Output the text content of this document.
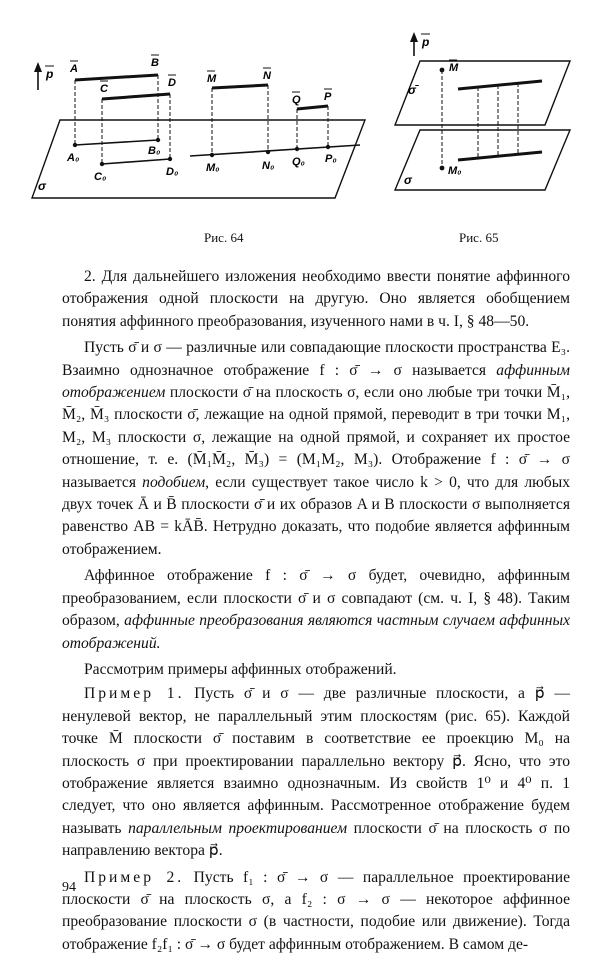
p A	B
A₀
B₀
C	D
C₀	D₀
M	N
M₀	N₀
Q P
Q₀ P₀
σ
Рис. 64
p
M
M₀
σ̄
σ
Рис. 65

2. Для дальнейшего изложения необходимо ввести понятие аффинного отображения одной плоскости на другую. Оно является обобщением понятия аффинного преобразования, изученного нами в ч. I, § 48—50.

Пусть σ̄ и σ — различные или совпадающие плоскости пространства E₃. Взаимно однозначное отображение f : σ̄ → σ называется аффинным отображением плоскости σ̄ на плоскость σ, если оно любые три точки M̄₁, M̄₂, M̄₃ плоскости σ̄, лежащие на одной прямой, переводит в три точки M₁, M₂, M₃ плоскости σ, лежащие на одной прямой, и сохраняет их простое отношение, т. е. (M̄₁M̄₂, M̄₃) = (M₁M₂, M₃). Отображение f : σ̄ → σ называется подобием, если существует такое число k > 0, что для любых двух точек Ā и B̄ плоскости σ̄ и их образов A и B плоскости σ выполняется равенство AB = kĀB̄. Нетрудно доказать, что подобие является аффинным отображением.

Аффинное отображение f : σ̄ → σ будет, очевидно, аффинным преобразованием, если плоскости σ̄ и σ совпадают (см. ч. I, § 48). Таким образом, аффинные преобразования являются частным случаем аффинных отображений.

Рассмотрим примеры аффинных отображений.

Пример 1. Пусть σ̄ и σ — две различные плоскости, а p⃗ — ненулевой вектор, не параллельный этим плоскостям (рис. 65). Каждой точке M̄ плоскости σ̄ поставим в соответствие ее проекцию M₀ на плоскость σ при проектировании параллельно вектору p⃗. Ясно, что это отображение является взаимно однозначным. Из свойств 1⁰ и 4⁰ п. 1 следует, что оно является аффинным. Рассмотренное отображение будем называть параллельным проектированием плоскости σ̄ на плоскость σ по направлению вектора p⃗.

Пример 2. Пусть f₁ : σ̄ → σ — параллельное проектирование плоскости σ̄ на плоскость σ, а f₂ : σ → σ — некоторое аффинное преобразование плоскости σ (в частности, подобие или движение). Тогда отображение f₂f₁ : σ̄ → σ будет аффинным отображением. В самом де-

94
